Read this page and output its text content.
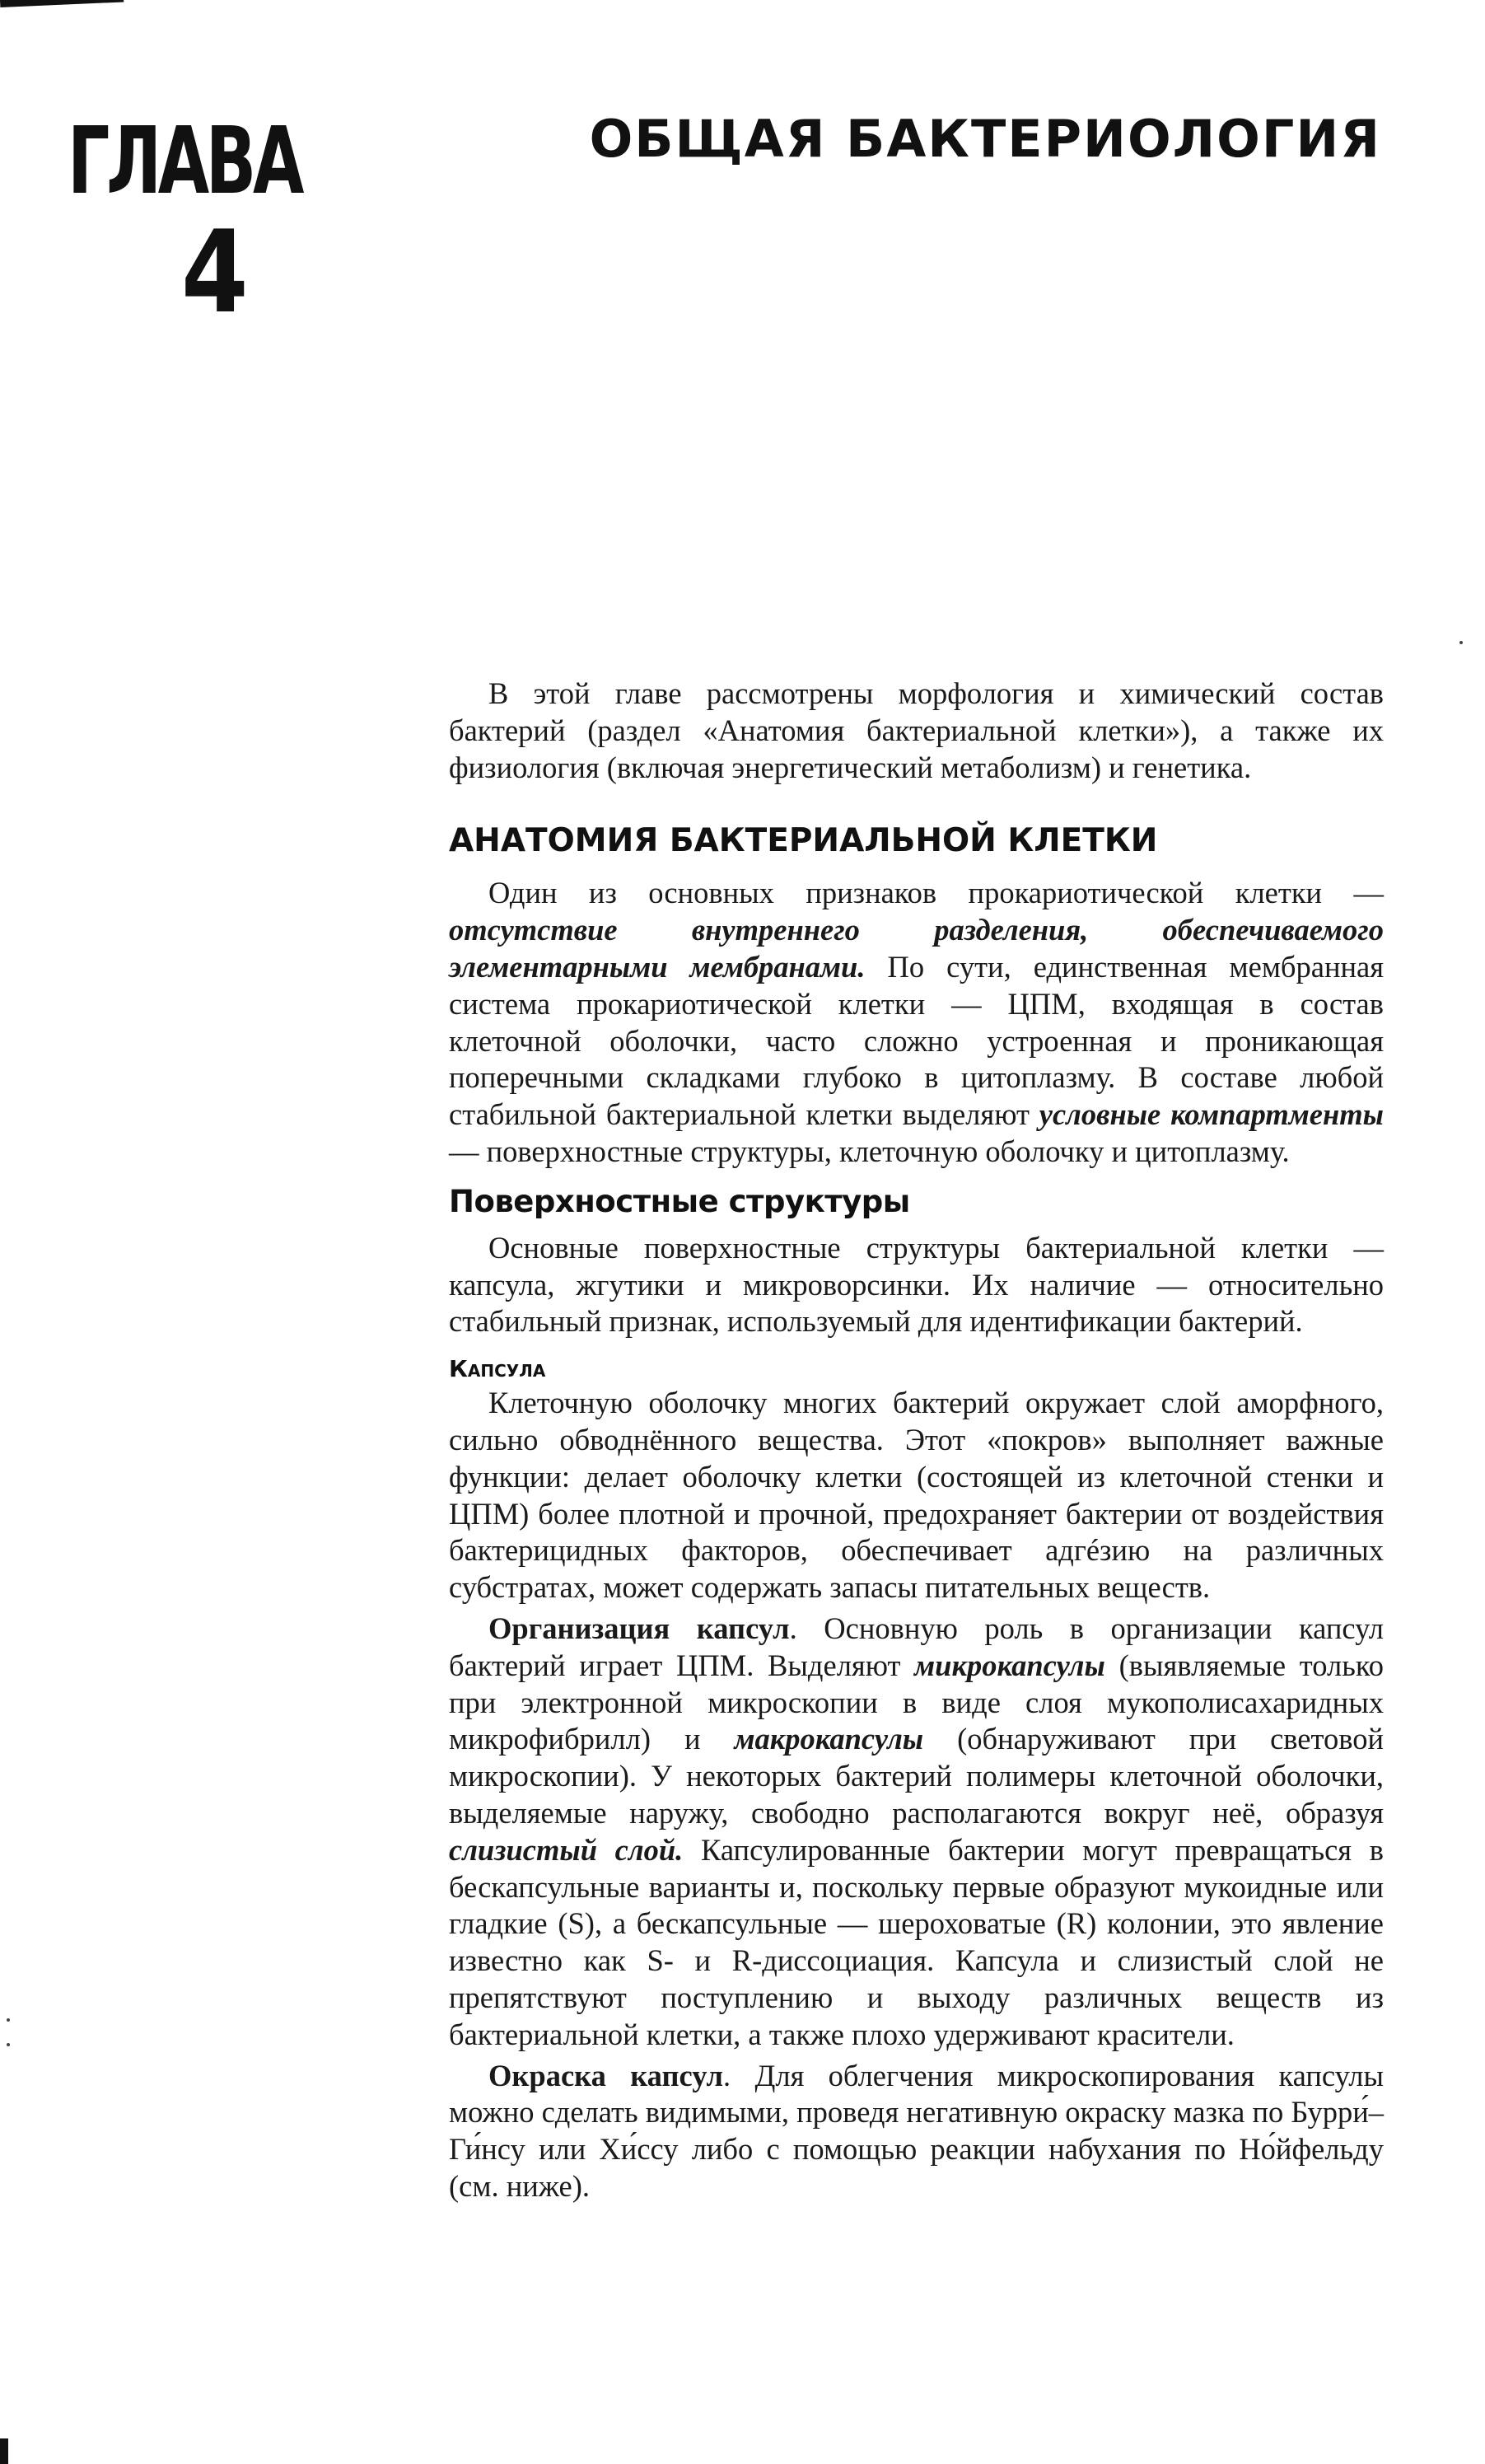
ГЛАВА
4
ОБЩАЯ БАКТЕРИОЛОГИЯ

В этой главе рассмотрены морфология и химический состав бактерий (раздел «Анатомия бактериальной клетки»), а также их физиология (включая энергетический метаболизм) и генетика.

АНАТОМИЯ БАКТЕРИАЛЬНОЙ КЛЕТКИ

Один из основных признаков прокариотической клетки — отсутствие внутреннего разделения, обеспечиваемого элементарными мембранами. По сути, единственная мембранная система прокариотической клетки — ЦПМ, входящая в состав клеточной оболочки, часто сложно устроенная и проникающая поперечными складками глубоко в цитоплазму. В составе любой стабильной бактериальной клетки выделяют условные компартменты — поверхностные структуры, клеточную оболочку и цитоплазму.

Поверхностные структуры

Основные поверхностные структуры бактериальной клетки — капсула, жгутики и микроворсинки. Их наличие — относительно стабильный признак, используемый для идентификации бактерий.

Капсула

Клеточную оболочку многих бактерий окружает слой аморфного, сильно обводнённого вещества. Этот «покров» выполняет важные функции: делает оболочку клетки (состоящей из клеточной стенки и ЦПМ) более плотной и прочной, предохраняет бактерии от воздействия бактерицидных факторов, обеспечивает адгéзию на различных субстратах, может содержать запасы питательных веществ.

Организация капсул. Основную роль в организации капсул бактерий играет ЦПМ. Выделяют микрокапсулы (выявляемые только при электронной микроскопии в виде слоя мукополисахаридных микрофибрилл) и макрокапсулы (обнаруживают при световой микроскопии). У некоторых бактерий полимеры клеточной оболочки, выделяемые наружу, свободно располагаются вокруг неё, образуя слизистый слой. Капсулированные бактерии могут превращаться в бескапсульные варианты и, поскольку первые образуют мукоидные или гладкие (S), а бескапсульные — шероховатые (R) колонии, это явление известно как S- и R-диссоциация. Капсула и слизистый слой не препятствуют поступлению и выходу различных веществ из бактериальной клетки, а также плохо удерживают красители.

Окраска капсул. Для облегчения микроскопирования капсулы можно сделать видимыми, проведя негативную окраску мазка по Бурри́–Ги́нсу или Хи́ссу либо с помощью реакции набухания по Но́йфельду (см. ниже).
